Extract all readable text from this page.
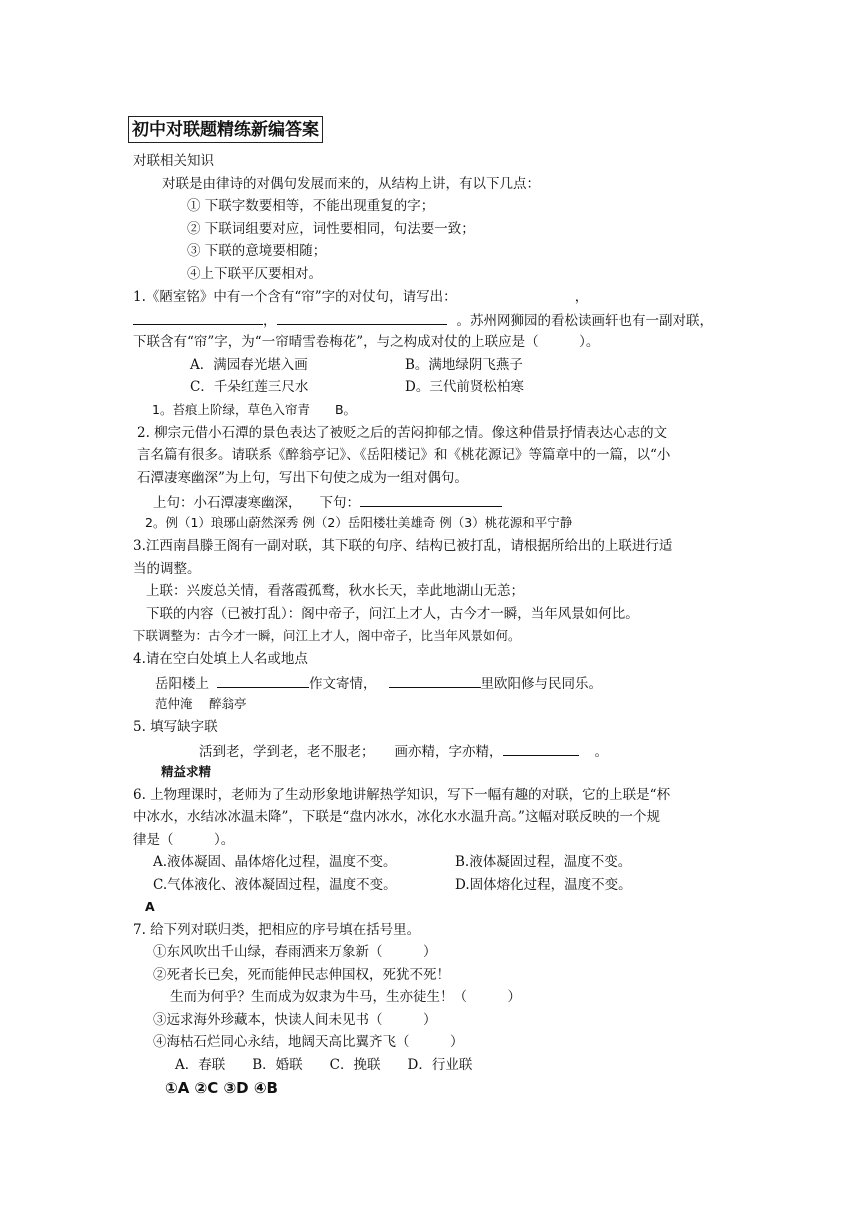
初中对联题精练新编答案
对联相关知识
对联是由律诗的对偶句发展而来的，从结构上讲，有以下几点：
① 下联字数要相等，不能出现重复的字；
② 下联词组要对应，词性要相同，句法要一致；
③ 下联的意境要相随；
④上下联平仄要相对。
1.《陋室铭》中有一个含有“帘”字的对仗句，请写出：	，
，	。苏州网狮园的看松读画轩也有一副对联，
下联含有“帘”字，为“一帘晴雪卷梅花”，与之构成对仗的上联应是（　　　）。
A．满园春光堪入画	B。满地绿阴飞燕子
C．千朵红莲三尺水	D。三代前贤松柏寒
1。苔痕上阶绿，草色入帘青　　B。
2. 柳宗元借小石潭的景色表达了被贬之后的苦闷抑郁之情。像这种借景抒情表达心志的文
言名篇有很多。请联系《醉翁亭记》、《岳阳楼记》和《桃花源记》等篇章中的一篇，以“小
石潭凄寒幽深”为上句，写出下句使之成为一组对偶句。
上句：小石潭凄寒幽深， 下句：
2。例（1）琅琊山蔚然深秀 例（2）岳阳楼壮美雄奇 例（3）桃花源和平宁静
3.江西南昌滕王阁有一副对联，其下联的句序、结构已被打乱，请根据所给出的上联进行适
当的调整。
上联：兴废总关情，看落霞孤鹜，秋水长天，幸此地湖山无恙；
下联的内容（已被打乱）：阁中帝子，问江上才人，古今才一瞬，当年风景如何比。
下联调整为：古今才一瞬，问江上才人，阁中帝子，比当年风景如何。
4.请在空白处填上人名或地点
岳阳楼上	作文寄情，	里欧阳修与民同乐。
范仲淹　 醉翁亭
5. 填写缺字联
活到老，学到老，老不服老； 画亦精，字亦精，	。
精益求精
6. 上物理课时，老师为了生动形象地讲解热学知识，写下一幅有趣的对联，它的上联是“杯
中冰水，水结冰冰温未降”，下联是“盘内冰水，冰化水水温升高。”这幅对联反映的一个规
律是（　　　）。
A.液体凝固、晶体熔化过程，温度不变。	B.液体凝固过程，温度不变。
C.气体液化、液体凝固过程，温度不变。	D.固体熔化过程，温度不变。
A
7. 给下列对联归类，把相应的序号填在括号里。
①东风吹出千山绿，春雨洒来万象新（　　　）
②死者长已矣，死而能伸民志伸国权，死犹不死！
生而为何乎？生而成为奴隶为牛马，生亦徒生！（　　　）
③远求海外珍藏本，快读人间未见书（　　　）
④海枯石烂同心永结，地阔天高比翼齐飞（　　　）
A．春联　　B．婚联　　C．挽联　　D．行业联
①A ②C ③D ④B
